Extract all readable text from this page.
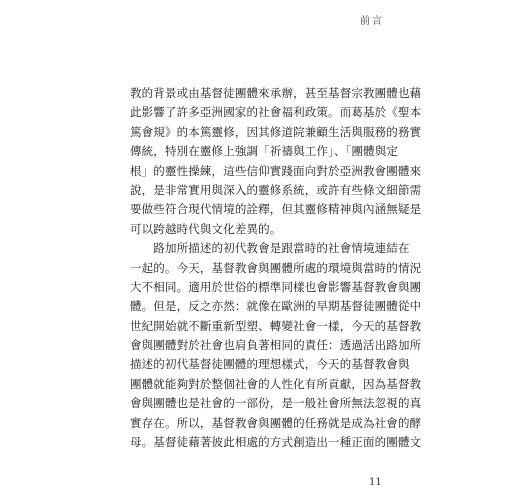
前言
教的背景或由基督徒團體來承辦，甚至基督宗教團體也藉
此影響了許多亞洲國家的社會福利政策。而葛基於《聖本
篤會規》的本篤靈修，因其修道院兼顧生活與服務的務實
傳統，特別在靈修上強調「祈禱與工作」、「團體與定
根」的靈性操練，這些信仰實踐面向對於亞洲教會團體來
說，是非常實用與深入的靈修系統，或許有些條文細節需
要做些符合現代情境的詮釋，但其靈修精神與內涵無疑是
可以跨越時代與文化差異的。
　　路加所描述的初代教會是跟當時的社會情境連結在
一起的。今天，基督教會與團體所處的環境與當時的情況
大不相同。適用於世俗的標準同樣也會影響基督教會與團
體。但是，反之亦然：就像在歐洲的早期基督徒團體從中
世紀開始就不斷重新型塑、轉變社會一樣，今天的基督教
會與團體對於社會也肩負著相同的責任：透過活出路加所
描述的初代基督徒團體的理想樣式，今天的基督教會與
團體就能夠對於整個社會的人性化有所貢獻，因為基督教
會與團體也是社會的一部份，是一般社會所無法忽視的真
實存在。所以，基督教會與團體的任務就是成為社會的酵
母。基督徒藉著彼此相處的方式創造出一種正面的團體文
11
